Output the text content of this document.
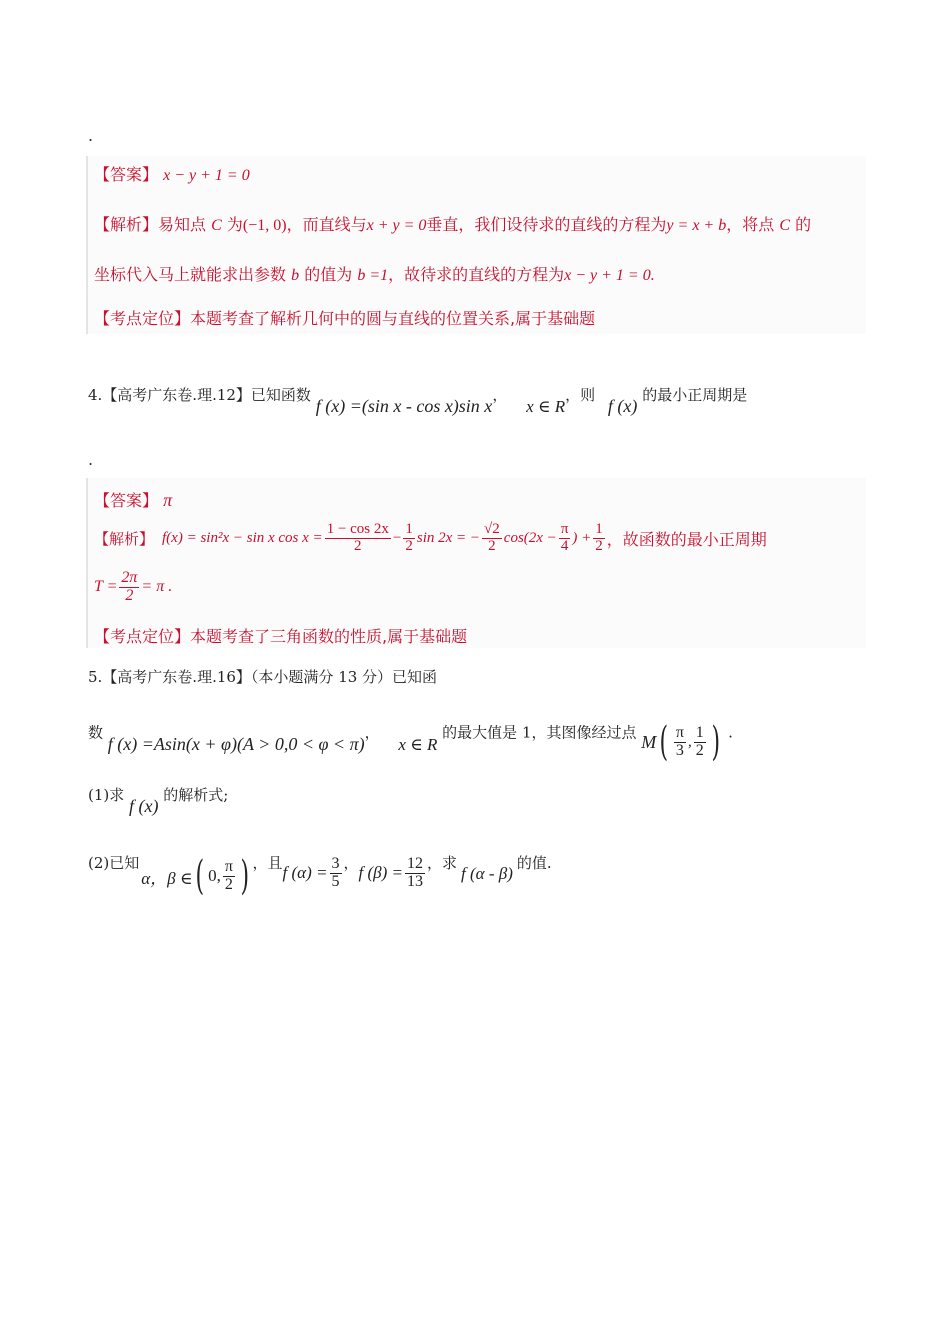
.
【答案】 x − y + 1 = 0
【解析】易知点 C 为(−1, 0)，而直线与x + y = 0垂直，我们设待求的直线的方程为y = x + b，将点 C 的
坐标代入马上就能求出参数 b 的值为 b =1，故待求的直线的方程为x − y + 1 = 0.
【考点定位】本题考查了解析几何中的圆与直线的位置关系,属于基础题
4.【高考广东卷.理.12】已知函数 f (x) =(sin x - cos x)sin x， x ∈ R，则 f (x) 的最小正周期是
.
【答案】 π
【解析】 f(x) = sin²x − sin x $\cos x = \frac{1 - \cos 2x}{2} - \frac{1}{2}$ sin 2x = − $\frac{√2}{2} \cos(2x - \frac{\pi}{4}$ ) + $\frac{1}{2}$ ，故函数的最小正周期
$T = \frac{2\pi}{2} = \pi$ .
【考点定位】本题考查了三角函数的性质,属于基础题
5.【高考广东卷.理.16】（本小题满分 13 分）已知函
数 f (x) =Asin(x + φ)(A > 0,0 < φ < π)， x ∈ R 的最大值是 1，其图像经过点 M ( $\frac{\pi}{3}$ , $\frac{1}{2}$ ) .
(1)求 f (x) 的解析式;
(2)已知
α，β ∈ ( 0, $\frac{\pi}{2}$ ) ，且
f $(\alpha) = \frac{3}{5}$ ，
f $(\beta) = \frac{12}{13}$ ，求
f (α - β)
的值.
